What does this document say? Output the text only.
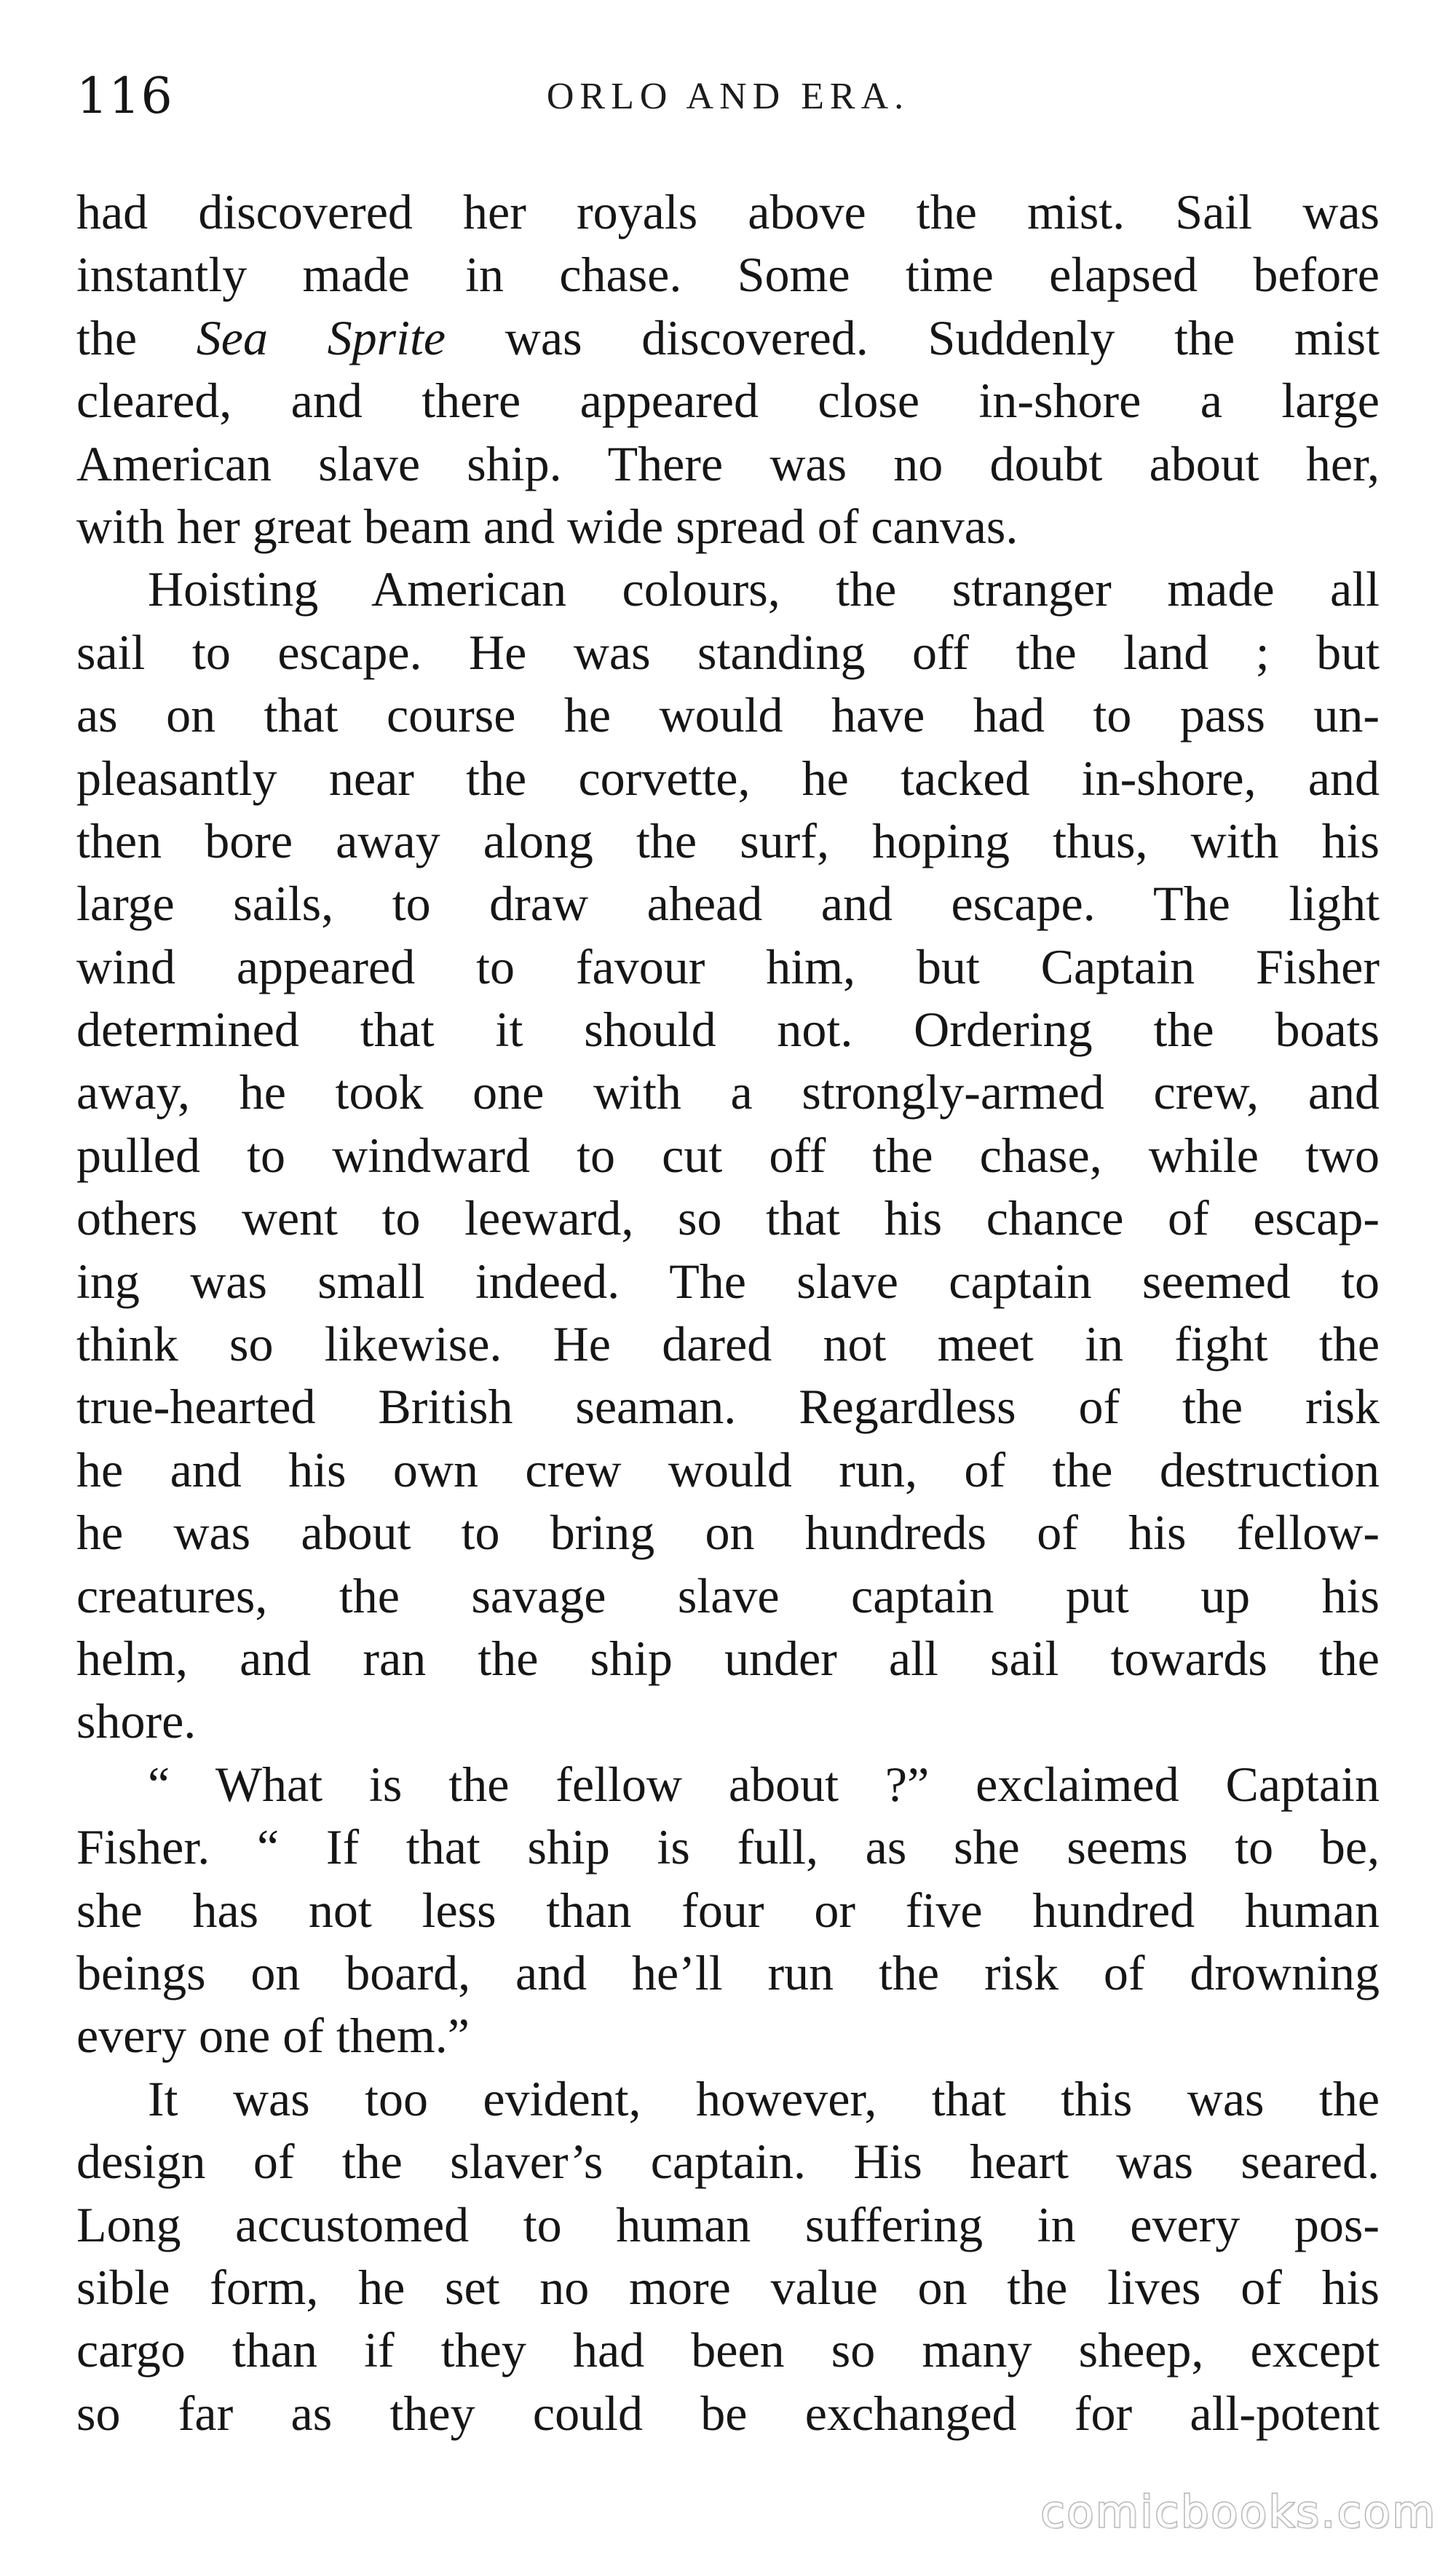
116	ORLO AND ERA.
had discovered her royals above the mist. Sail was
instantly made in chase. Some time elapsed before
the Sea Sprite was discovered. Suddenly the mist
cleared, and there appeared close in-shore a large
American slave ship. There was no doubt about her,
with her great beam and wide spread of canvas.
Hoisting American colours, the stranger made all
sail to escape. He was standing off the land ; but
as on that course he would have had to pass un-
pleasantly near the corvette, he tacked in-shore, and
then bore away along the surf, hoping thus, with his
large sails, to draw ahead and escape. The light
wind appeared to favour him, but Captain Fisher
determined that it should not. Ordering the boats
away, he took one with a strongly-armed crew, and
pulled to windward to cut off the chase, while two
others went to leeward, so that his chance of escap-
ing was small indeed. The slave captain seemed to
think so likewise. He dared not meet in fight the
true-hearted British seaman. Regardless of the risk
he and his own crew would run, of the destruction
he was about to bring on hundreds of his fellow-
creatures, the savage slave captain put up his
helm, and ran the ship under all sail towards the
shore.
“ What is the fellow about ?” exclaimed Captain
Fisher. “ If that ship is full, as she seems to be,
she has not less than four or five hundred human
beings on board, and he’ll run the risk of drowning
every one of them.”
It was too evident, however, that this was the
design of the slaver’s captain. His heart was seared.
Long accustomed to human suffering in every pos-
sible form, he set no more value on the lives of his
cargo than if they had been so many sheep, except
so far as they could be exchanged for all-potent
comicbooks.com
